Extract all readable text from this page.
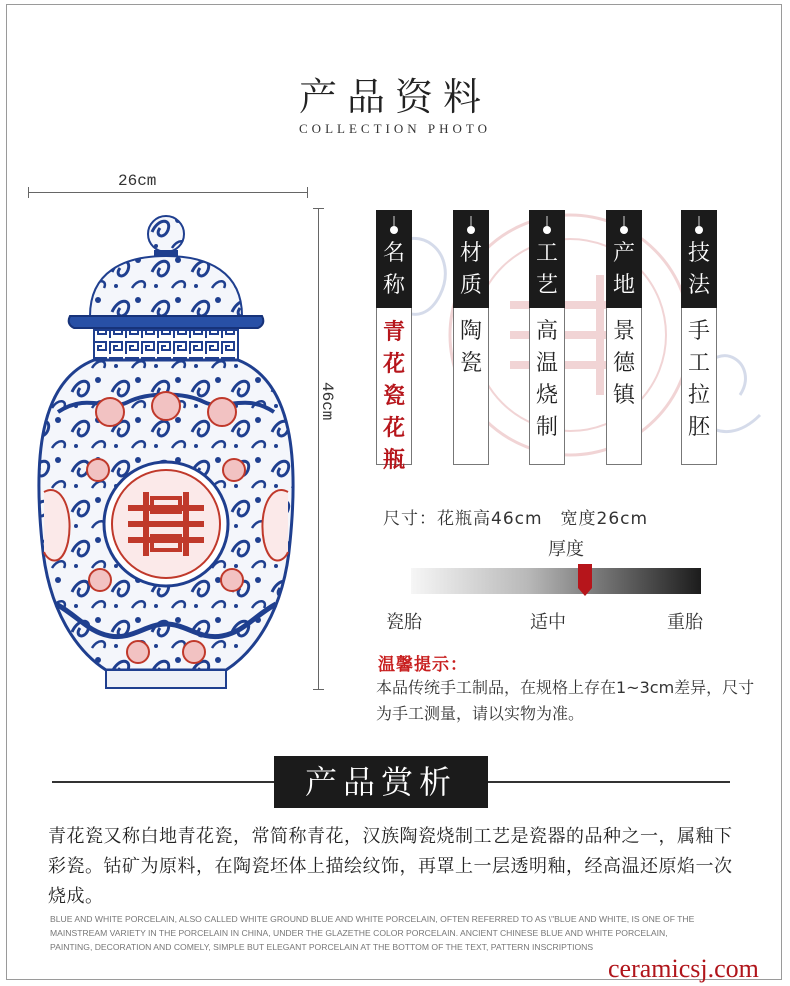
产品资料
COLLECTION PHOTO
26cm
46cm
名称
青花瓷花瓶
材质
陶瓷
工艺
高温烧制
产地
景德镇
技法
手工拉胚
尺寸：花瓶高46cm　宽度26cm
厚度
瓷胎	适中	重胎
温馨提示：
本品传统手工制品，在规格上存在1~3cm差异，尺寸为手工测量，请以实物为准。
产品赏析
青花瓷又称白地青花瓷，常简称青花，汉族陶瓷烧制工艺是瓷器的品种之一，属釉下彩瓷。钴矿为原料，在陶瓷坯体上描绘纹饰，再罩上一层透明釉，经高温还原焰一次烧成。
BLUE AND WHITE PORCELAIN, ALSO CALLED WHITE GROUND BLUE AND WHITE PORCELAIN, OFTEN REFERRED TO AS \"BLUE AND WHITE, IS ONE OF THE MAINSTREAM VARIETY IN THE PORCELAIN IN CHINA, UNDER THE GLAZETHE COLOR PORCELAIN. ANCIENT CHINESE BLUE AND WHITE PORCELAIN, PAINTING, DECORATION AND COMELY, SIMPLE BUT ELEGANT PORCELAIN AT THE BOTTOM OF THE TEXT, PATTERN INSCRIPTIONS
ceramicsj.com
